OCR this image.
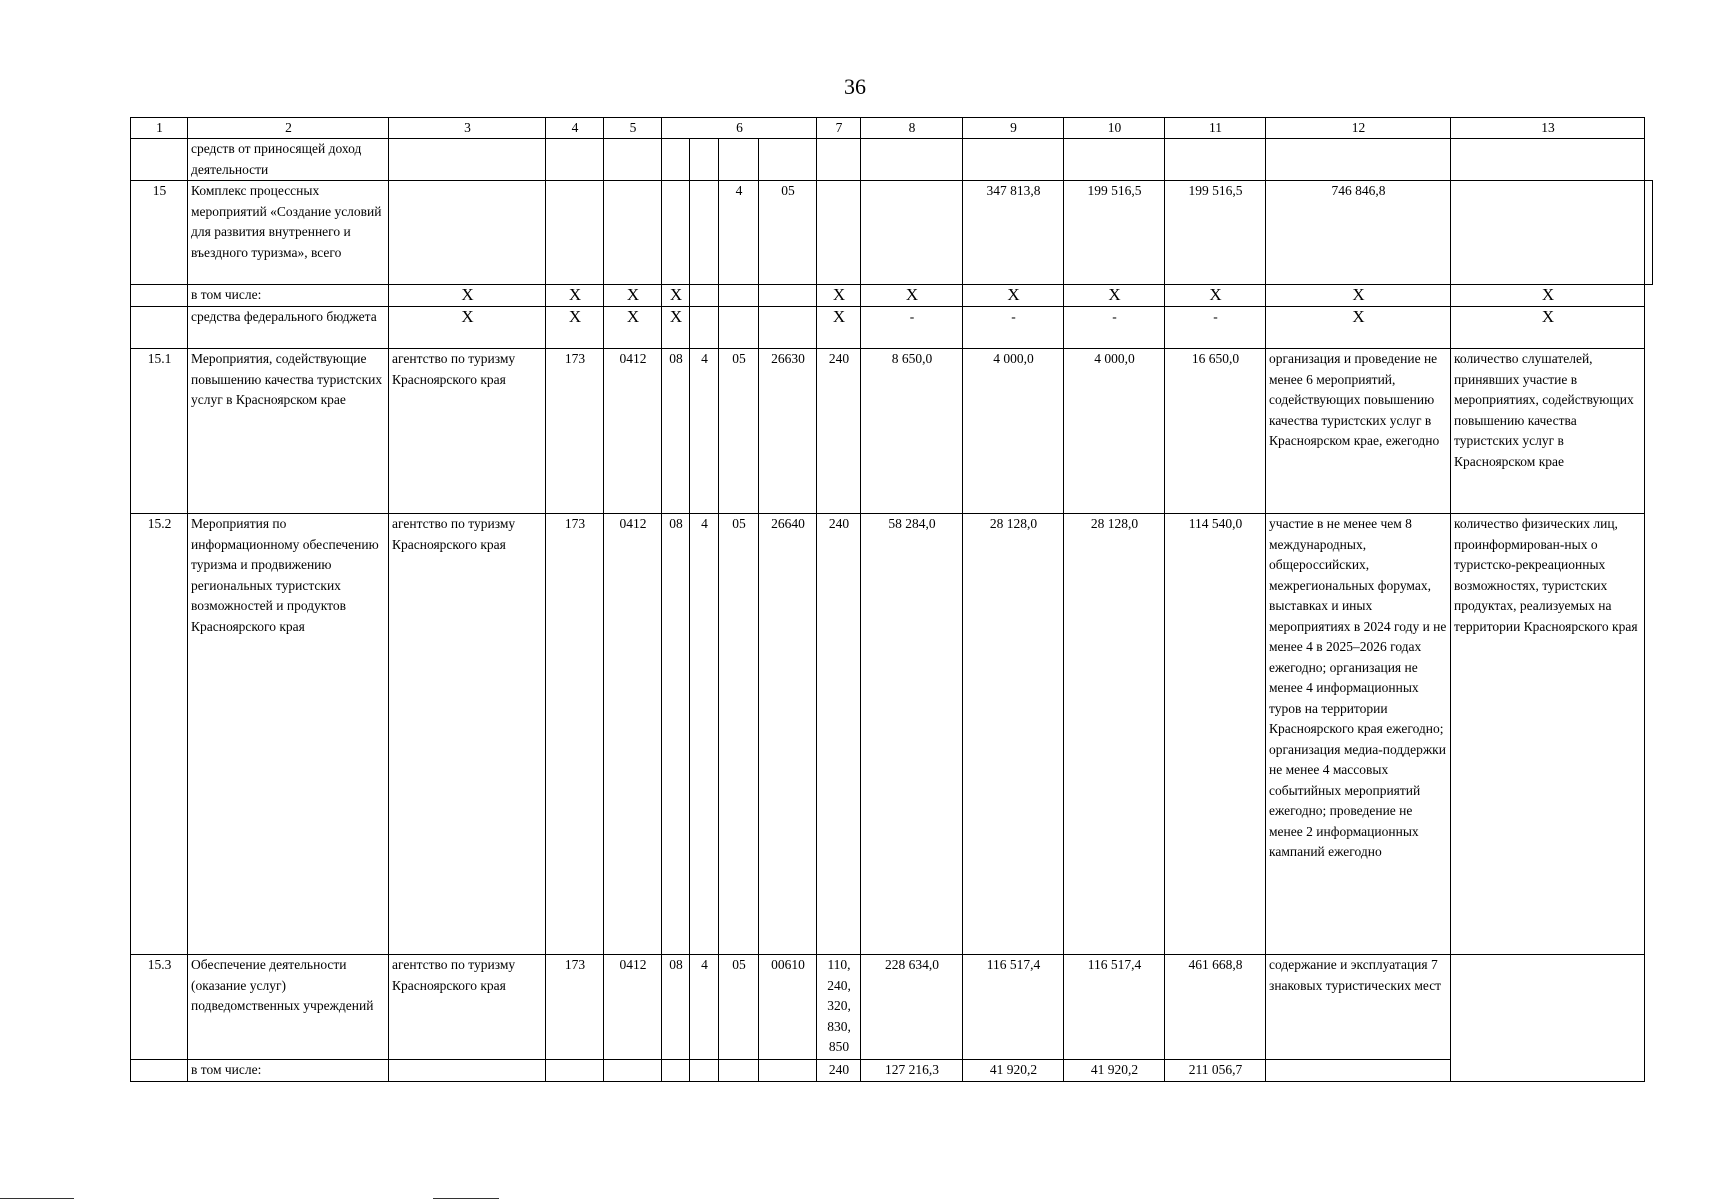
36
1	2	3	4	5	6				7	8	9	10	11	12	13	
	средств от приносящей доход деятельности															
15	Комплекс процессных мероприятий «Создание условий для развития внутреннего и въездного туризма», всего						4	05			347 813,8	199 516,5	199 516,5	746 846,8		
	в том числе:	X	X	X	X				X	X	X	X	X	X	X	
	средства федерального бюджета	X	X	X	X				X	-	-	-	-	X	X	
15.1	Мероприятия, содействующие повышению качества туристских услуг в Красноярском крае	агентство по туризму Красноярского края	173	0412	08	4	05	26630	240	8 650,0	4 000,0	4 000,0	16 650,0	организация и проведение не менее 6 мероприятий, содействующих повышению качества туристских услуг в Красноярском крае, ежегодно	количество слушателей, принявших участие в мероприятиях, содействующих повышению качества туристских услуг в Красноярском крае	
15.2	Мероприятия по информационному обеспечению туризма и продвижению региональных туристских возможностей и продуктов Красноярского края	агентство по туризму Красноярского края	173	0412	08	4	05	26640	240	58 284,0	28 128,0	28 128,0	114 540,0	участие в не менее чем 8 международных, общероссийских, межрегиональных форумах, выставках и иных мероприятиях в 2024 году и не менее 4 в 2025–2026 годах ежегодно; организация не менее 4 информационных туров на территории Красноярского края ежегодно; организация медиа-поддержки не менее 4 массовых событийных мероприятий ежегодно; проведение не менее 2 информационных кампаний ежегодно	количество физических лиц, проинформирован-ных о туристско-рекреационных возможностях, туристских продуктах, реализуемых на территории Красноярского края	
15.3	Обеспечение деятельности (оказание услуг) подведомственных учреждений	агентство по туризму Красноярского края	173	0412	08	4	05	00610	110, 240, 320, 830, 850	228 634,0	116 517,4	116 517,4	461 668,8	содержание и эксплуатация 7 знаковых туристических мест		
	в том числе:								240	127 216,3	41 920,2	41 920,2	211 056,7			
